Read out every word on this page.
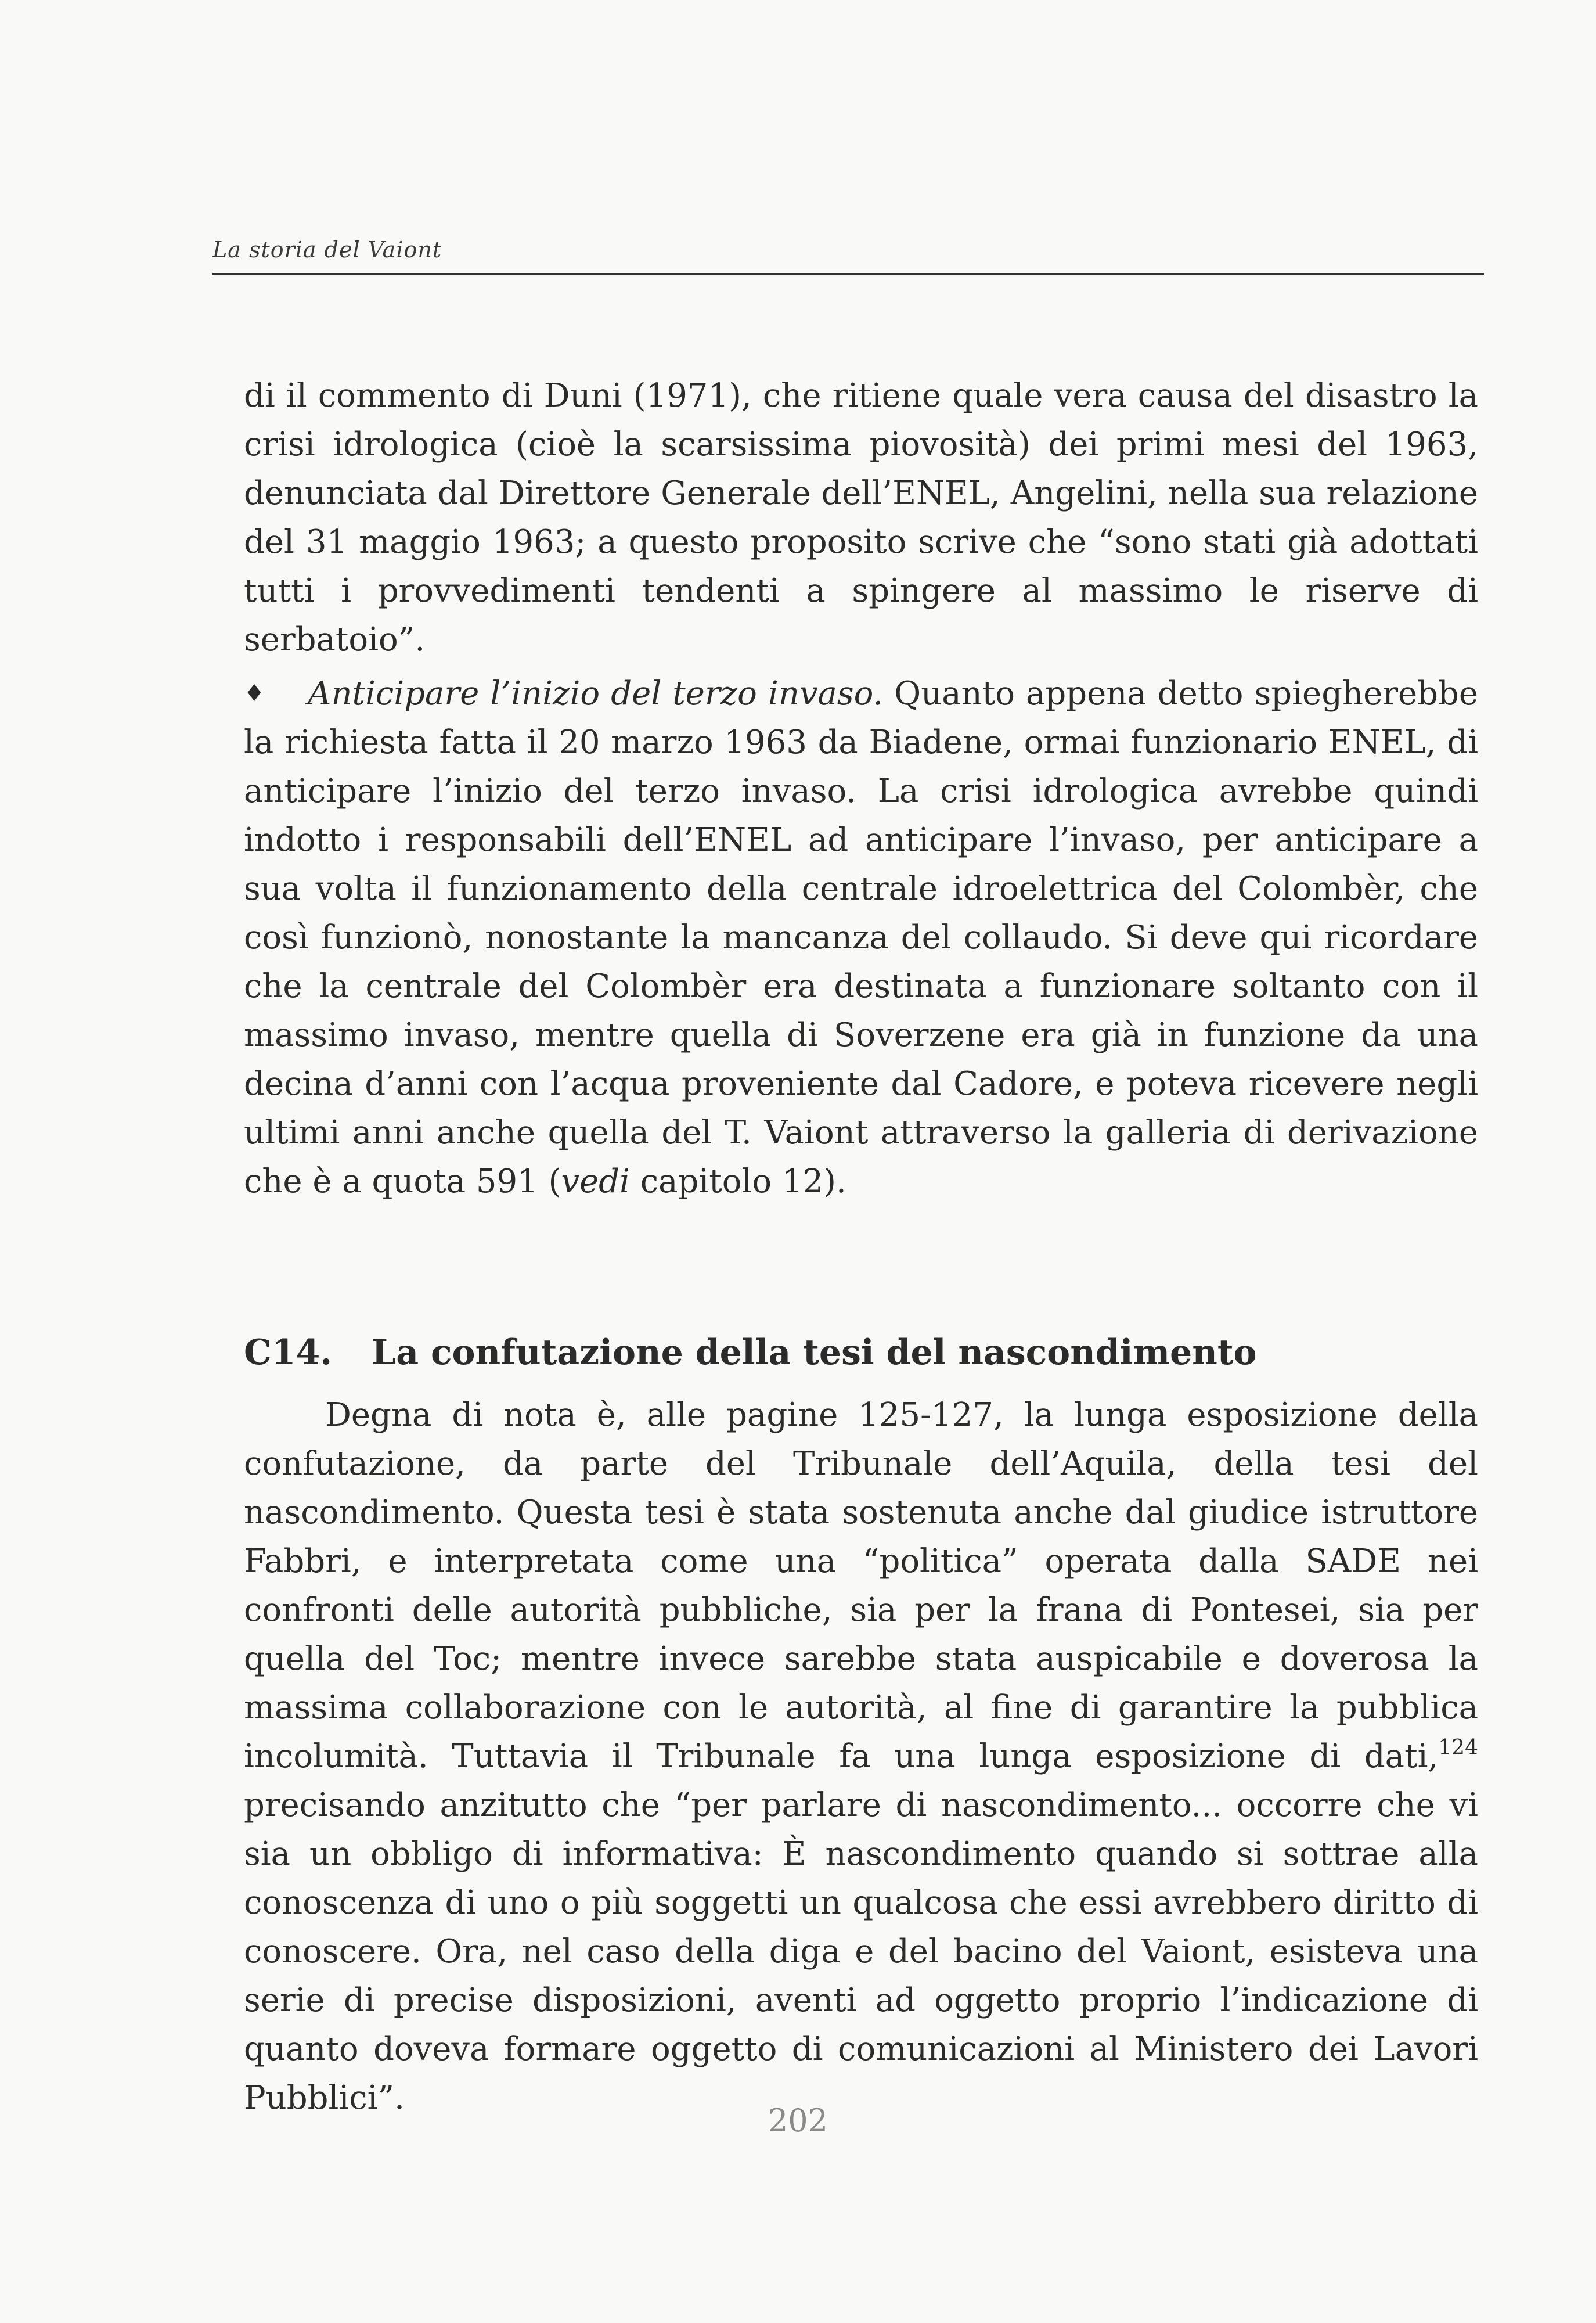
La storia del Vaiont

di il commento di Duni (1971), che ritiene quale vera causa del disastro la crisi idrologica (cioè la scarsissima piovosità) dei primi mesi del 1963, denunciata dal Direttore Generale dell’ENEL, Angelini, nella sua relazione del 31 maggio 1963; a questo proposito scrive che “sono stati già adottati tutti i provvedimenti tendenti a spingere al massimo le riserve di serbatoio”.

♦ Anticipare l’inizio del terzo invaso. Quanto appena detto spiegherebbe la richiesta fatta il 20 marzo 1963 da Biadene, ormai funzionario ENEL, di anticipare l’inizio del terzo invaso. La crisi idrologica avrebbe quindi indotto i responsabili dell’ENEL ad anticipare l’invaso, per anticipare a sua volta il funzionamento della centrale idroelettrica del Colombèr, che così funzionò, nonostante la mancanza del collaudo. Si deve qui ricordare che la centrale del Colombèr era destinata a funzionare soltanto con il massimo invaso, mentre quella di Soverzene era già in funzione da una decina d’anni con l’acqua proveniente dal Cadore, e poteva ricevere negli ultimi anni anche quella del T. Vaiont attraverso la galleria di derivazione che è a quota 591 (vedi capitolo 12).

C14. La confutazione della tesi del nascondimento

Degna di nota è, alle pagine 125-127, la lunga esposizione della confutazione, da parte del Tribunale dell’Aquila, della tesi del nascondimento. Questa tesi è stata sostenuta anche dal giudice istruttore Fabbri, e interpretata come una “politica” operata dalla SADE nei confronti delle autorità pubbliche, sia per la frana di Pontesei, sia per quella del Toc; mentre invece sarebbe stata auspicabile e doverosa la massima collaborazione con le autorità, al fine di garantire la pubblica incolumità. Tuttavia il Tribunale fa una lunga esposizione di dati,$^{124}$ precisando anzitutto che “per parlare di nascondimento... occorre che vi sia un obbligo di informativa: È nascondimento quando si sottrae alla conoscenza di uno o più soggetti un qualcosa che essi avrebbero diritto di conoscere. Ora, nel caso della diga e del bacino del Vaiont, esisteva una serie di precise disposizioni, aventi ad oggetto proprio l’indicazione di quanto doveva formare oggetto di comunicazioni al Ministero dei Lavori Pubblici”.

202
